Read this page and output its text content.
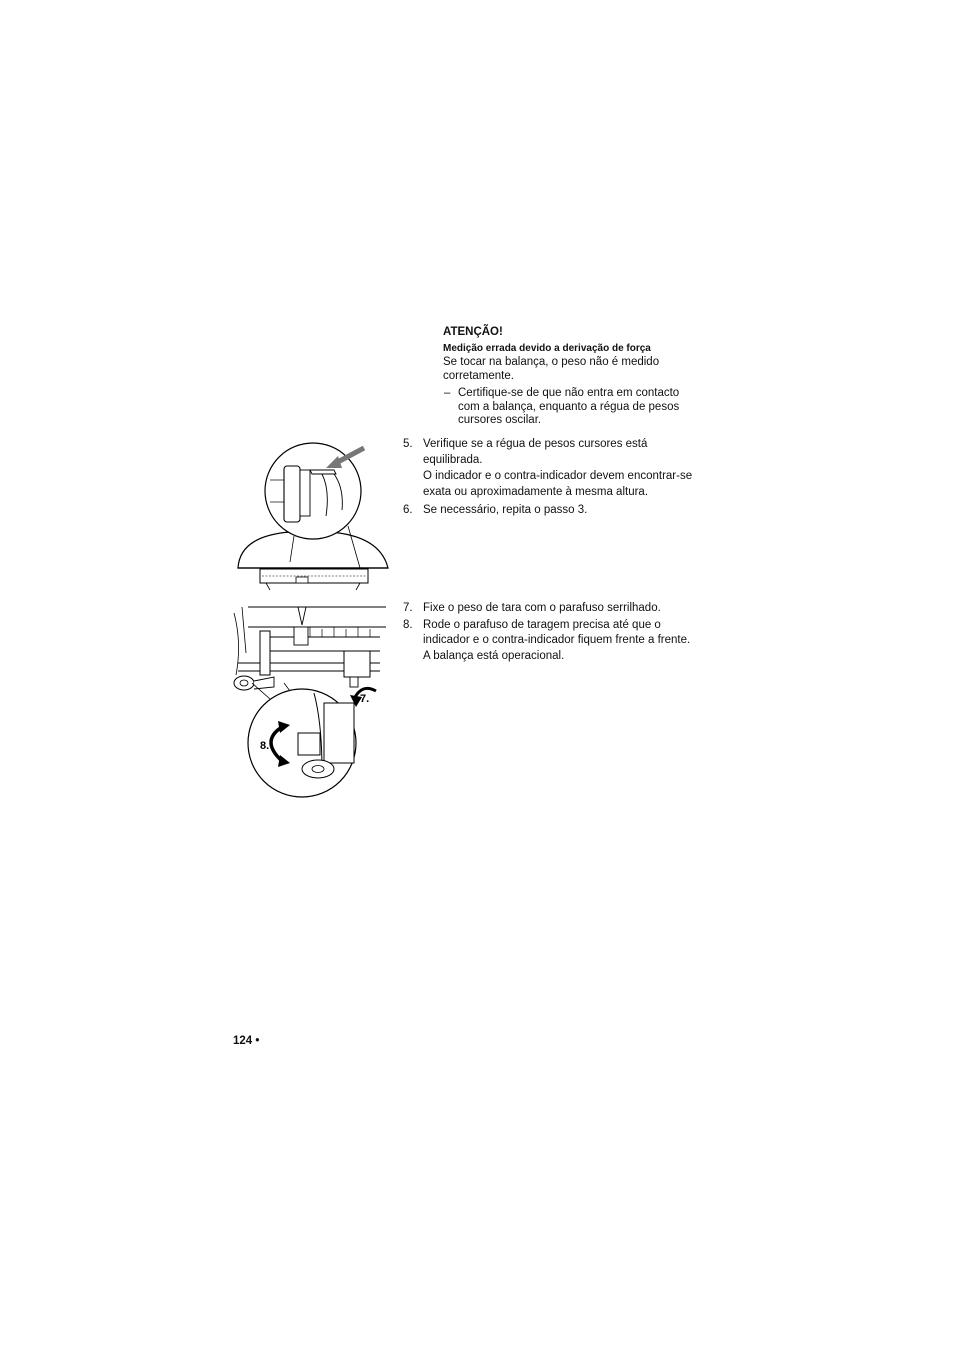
ATENÇÃO!
Medição errada devido a derivação de força
Se tocar na balança, o peso não é medido corretamente.
– Certifique-se de que não entra em contacto com a balança, enquanto a régua de pesos cursores oscilar.
5. Verifique se a régua de pesos cursores está equilibrada.
O indicador e o contra-indicador devem encontrar-se exata ou aproximadamente à mesma altura.
6. Se necessário, repita o passo 3.
7. Fixe o peso de tara com o parafuso serrilhado.
8. Rode o parafuso de taragem precisa até que o indicador e o contra-indicador fiquem frente a frente.
A balança está operacional.
7.
8.
124 •
